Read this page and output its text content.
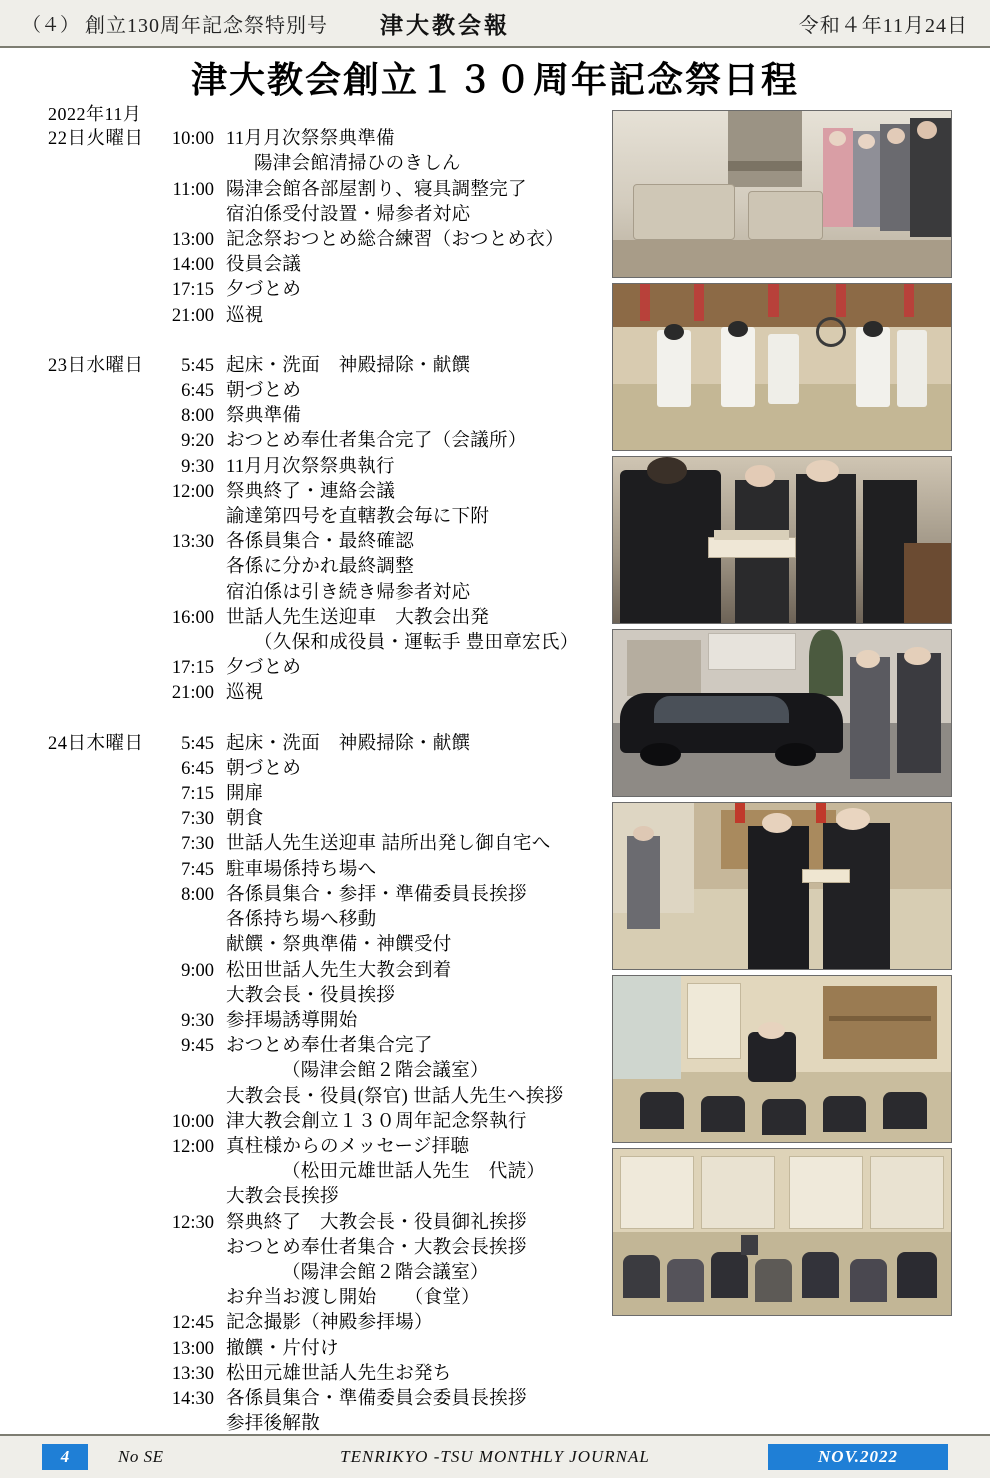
（４） 創立130周年記念祭特別号 津大教会報	令和４年11月24日
津大教会創立１３０周年記念祭日程
2022年11月
22日火曜日	10:00 11月月次祭祭典準備
陽津会館清掃ひのきしん
11:00 陽津会館各部屋割り、寝具調整完了
宿泊係受付設置・帰参者対応
13:00 記念祭おつとめ総合練習（おつとめ衣）
14:00 役員会議
17:15 夕づとめ
21:00 巡視
23日水曜日	5:45 起床・洗面　神殿掃除・献饌
6:45 朝づとめ
8:00 祭典準備
9:20 おつとめ奉仕者集合完了（会議所）
9:30 11月月次祭祭典執行
12:00 祭典終了・連絡会議
諭達第四号を直轄教会毎に下附
13:30 各係員集合・最終確認
各係に分かれ最終調整
宿泊係は引き続き帰参者対応
16:00 世話人先生送迎車　大教会出発
（久保和成役員・運転手 豊田章宏氏）
17:15 夕づとめ
21:00 巡視
24日木曜日	5:45 起床・洗面　神殿掃除・献饌
6:45 朝づとめ
7:15 開扉
7:30 朝食
7:30 世話人先生送迎車 詰所出発し御自宅へ
7:45 駐車場係持ち場へ
8:00 各係員集合・参拝・準備委員長挨拶
各係持ち場へ移動
献饌・祭典準備・神饌受付
9:00 松田世話人先生大教会到着
大教会長・役員挨拶
9:30 参拝場誘導開始
9:45 おつとめ奉仕者集合完了
（陽津会館２階会議室）
大教会長・役員(祭官) 世話人先生へ挨拶
10:00 津大教会創立１３０周年記念祭執行
12:00 真柱様からのメッセージ拝聴
（松田元雄世話人先生　代読）
大教会長挨拶
12:30 祭典終了　大教会長・役員御礼挨拶
おつとめ奉仕者集合・大教会長挨拶
（陽津会館２階会議室）
お弁当お渡し開始　　（食堂）
12:45 記念撮影（神殿参拝場）
13:00 撤饌・片付け
13:30 松田元雄世話人先生お発ち
14:30 各係員集合・準備委員会委員長挨拶
参拝後解散
4	No SE	TENRIKYO -TSU MONTHLY JOURNAL	NOV.2022
